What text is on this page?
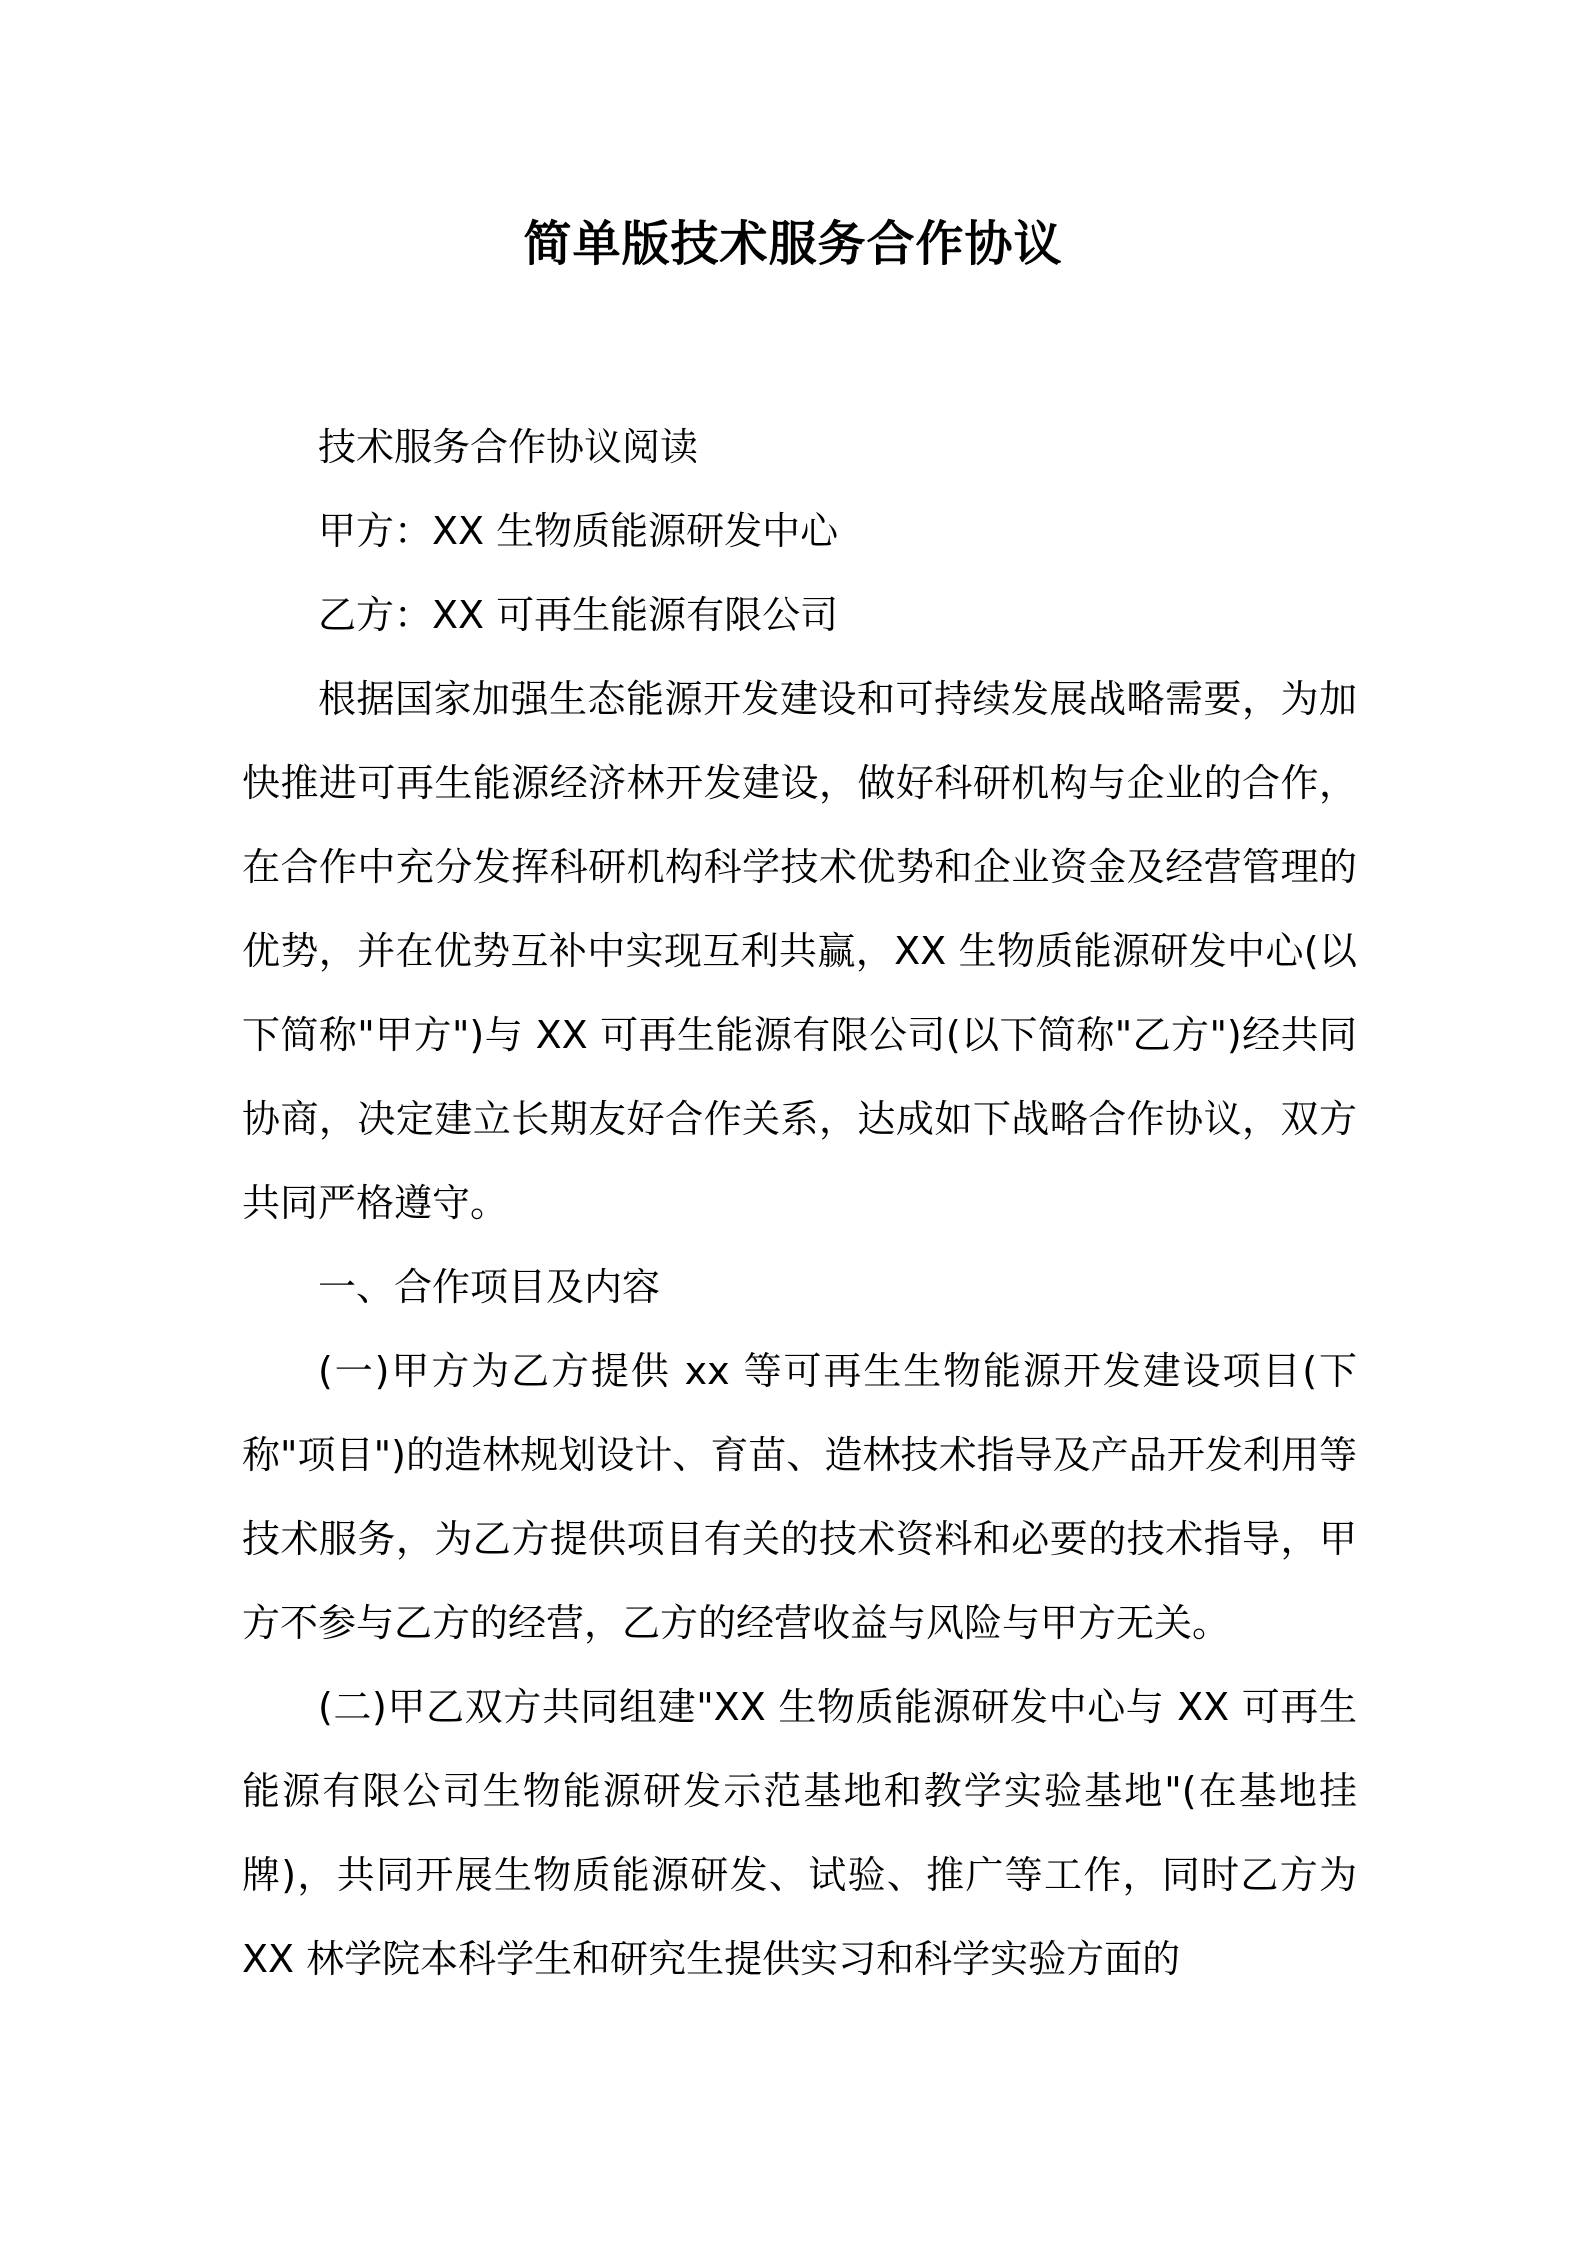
简单版技术服务合作协议

技术服务合作协议阅读

甲方：XX 生物质能源研发中心

乙方：XX 可再生能源有限公司

根据国家加强生态能源开发建设和可持续发展战略需要，为加快推进可再生能源经济林开发建设，做好科研机构与企业的合作，在合作中充分发挥科研机构科学技术优势和企业资金及经营管理的优势，并在优势互补中实现互利共赢，XX 生物质能源研发中心(以下简称"甲方")与 XX 可再生能源有限公司(以下简称"乙方")经共同协商，决定建立长期友好合作关系，达成如下战略合作协议，双方共同严格遵守。

一、合作项目及内容

(一)甲方为乙方提供 xx 等可再生生物能源开发建设项目(下称"项目")的造林规划设计、育苗、造林技术指导及产品开发利用等技术服务，为乙方提供项目有关的技术资料和必要的技术指导，甲方不参与乙方的经营，乙方的经营收益与风险与甲方无关。

(二)甲乙双方共同组建"XX 生物质能源研发中心与 XX 可再生能源有限公司生物能源研发示范基地和教学实验基地"(在基地挂牌)，共同开展生物质能源研发、试验、推广等工作，同时乙方为 XX 林学院本科学生和研究生提供实习和科学实验方面的
